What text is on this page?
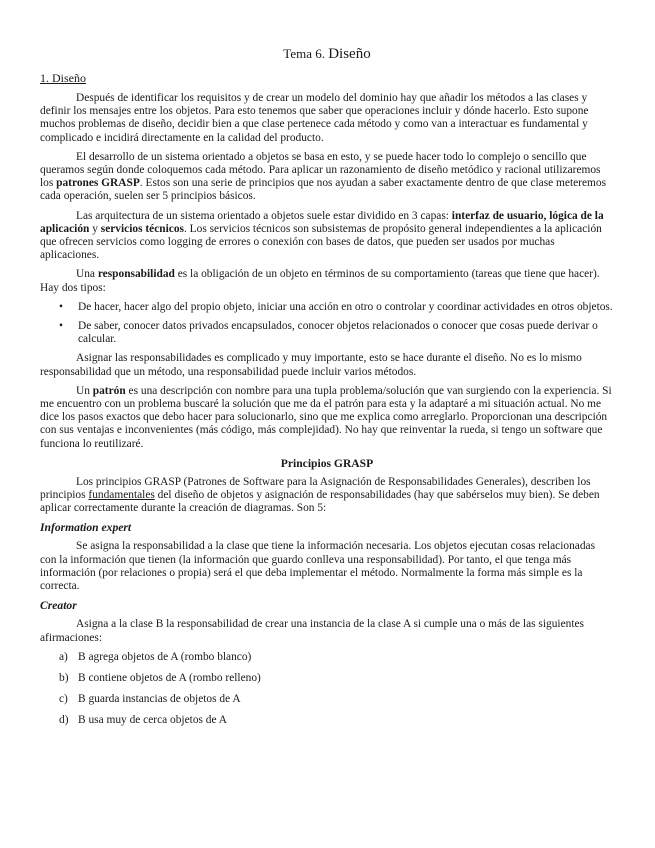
Tema 6. Diseño
1. Diseño

Después de identificar los requisitos y de crear un modelo del dominio hay que añadir los métodos a las clases y definir los mensajes entre los objetos. Para esto tenemos que saber que operaciones incluir y dónde hacerlo. Esto supone muchos problemas de diseño, decidir bien a que clase pertenece cada método y como van a interactuar es fundamental y complicado e incidirá directamente en la calidad del producto.

El desarrollo de un sistema orientado a objetos se basa en esto, y se puede hacer todo lo complejo o sencillo que queramos según donde coloquemos cada método. Para aplicar un razonamiento de diseño metódico y racional utilizaremos los patrones GRASP. Estos son una serie de principios que nos ayudan a saber exactamente dentro de que clase meteremos cada operación, suelen ser 5 principios básicos.

Las arquitectura de un sistema orientado a objetos suele estar dividido en 3 capas: interfaz de usuario, lógica de la aplicación y servicios técnicos. Los servicios técnicos son subsistemas de propósito general independientes a la aplicación que ofrecen servicios como logging de errores o conexión con bases de datos, que pueden ser usados por muchas aplicaciones.

Una responsabilidad es la obligación de un objeto en términos de su comportamiento (tareas que tiene que hacer). Hay dos tipos:

• De hacer, hacer algo del propio objeto, iniciar una acción en otro o controlar y coordinar actividades en otros objetos.
• De saber, conocer datos privados encapsulados, conocer objetos relacionados o conocer que cosas puede derivar o calcular.

Asignar las responsabilidades es complicado y muy importante, esto se hace durante el diseño. No es lo mismo responsabilidad que un método, una responsabilidad puede incluir varios métodos.

Un patrón es una descripción con nombre para una tupla problema/solución que van surgiendo con la experiencia. Si me encuentro con un problema buscaré la solución que me da el patrón para esta y la adaptaré a mi situación actual. No me dice los pasos exactos que debo hacer para solucionarlo, sino que me explica como arreglarlo. Proporcionan una descripción con sus ventajas e inconvenientes (más código, más complejidad). No hay que reinventar la rueda, si tengo un software que funciona lo reutilizaré.

Principios GRASP

Los principios GRASP (Patrones de Software para la Asignación de Responsabilidades Generales), describen los principios fundamentales del diseño de objetos y asignación de responsabilidades (hay que sabérselos muy bien). Se deben aplicar correctamente durante la creación de diagramas. Son 5:

Information expert

Se asigna la responsabilidad a la clase que tiene la información necesaria. Los objetos ejecutan cosas relacionadas con la información que tienen (la información que guardo conlleva una responsabilidad). Por tanto, el que tenga más información (por relaciones o propia) será el que deba implementar el método. Normalmente la forma más simple es la correcta.

Creator

Asigna a la clase B la responsabilidad de crear una instancia de la clase A si cumple una o más de las siguientes afirmaciones:

a) B agrega objetos de A (rombo blanco)
b) B contiene objetos de A (rombo relleno)
c) B guarda instancias de objetos de A
d) B usa muy de cerca objetos de A
